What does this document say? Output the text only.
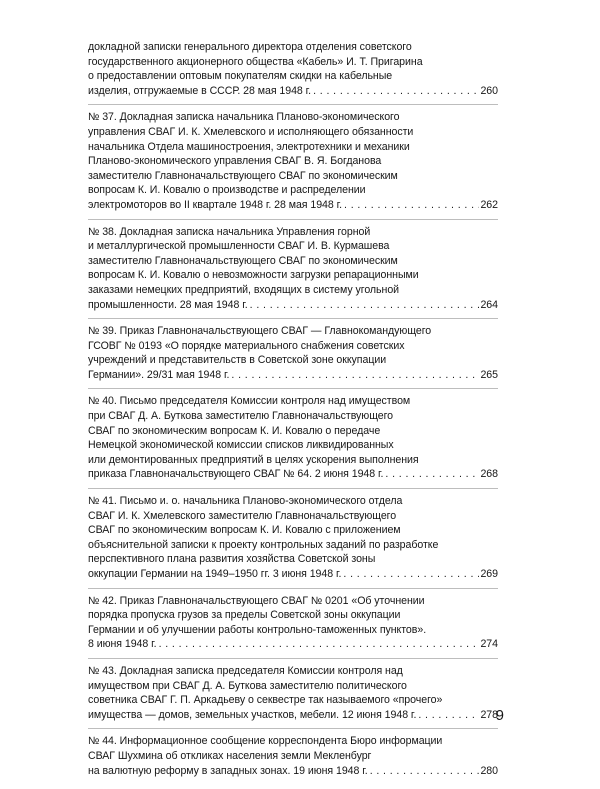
докладной записки генерального директора отделения советского
государственного акционерного общества «Кабель» И. Т. Пригарина
о предоставлении оптовым покупателям скидки на кабельные
изделия, отгружаемые в СССР. 28 мая 1948 г. . . .	260
№ 37. Докладная записка начальника Планово-экономического
управления СВАГ И. К. Хмелевского и исполняющего обязанности
начальника Отдела машиностроения, электротехники и механики
Планово-экономического управления СВАГ В. Я. Богданова
заместителю Главноначальствующего СВАГ по экономическим
вопросам К. И. Ковалю о производстве и распределении
электромоторов во II квартале 1948 г. 28 мая 1948 г. . . .	262
№ 38. Докладная записка начальника Управления горной
и металлургической промышленности СВАГ И. В. Курмашева
заместителю Главноначальствующего СВАГ по экономическим
вопросам К. И. Ковалю о невозможности загрузки репарационными
заказами немецких предприятий, входящих в систему угольной
промышленности. 28 мая 1948 г. . . .	264
№ 39. Приказ Главноначальствующего СВАГ — Главнокомандующего
ГСОВГ № 0193 «О порядке материального снабжения советских
учреждений и представительств в Советской зоне оккупации
Германии». 29/31 мая 1948 г. . . .	265
№ 40. Письмо председателя Комиссии контроля над имуществом
при СВАГ Д. А. Буткова заместителю Главноначальствующего
СВАГ по экономическим вопросам К. И. Ковалю о передаче
Немецкой экономической комиссии списков ликвидированных
или демонтированных предприятий в целях ускорения выполнения
приказа Главноначальствующего СВАГ № 64. 2 июня 1948 г. . . .	268
№ 41. Письмо и. о. начальника Планово-экономического отдела
СВАГ И. К. Хмелевского заместителю Главноначальствующего
СВАГ по экономическим вопросам К. И. Ковалю с приложением
объяснительной записки к проекту контрольных заданий по разработке
перспективного плана развития хозяйства Советской зоны
оккупации Германии на 1949–1950 гг. 3 июня 1948 г. . . .	269
№ 42. Приказ Главноначальствующего СВАГ № 0201 «Об уточнении
порядка пропуска грузов за пределы Советской зоны оккупации
Германии и об улучшении работы контрольно-таможенных пунктов».
8 июня 1948 г. . . .	274
№ 43. Докладная записка председателя Комиссии контроля над
имуществом при СВАГ Д. А. Буткова заместителю политического
советника СВАГ Г. П. Аркадьеву о секвестре так называемого «прочего»
имущества — домов, земельных участков, мебели. 12 июня 1948 г. . . .	278
№ 44. Информационное сообщение корреспондента Бюро информации
СВАГ Шухмина об откликах населения земли Мекленбург
на валютную реформу в западных зонах. 19 июня 1948 г. . . .	280
9
